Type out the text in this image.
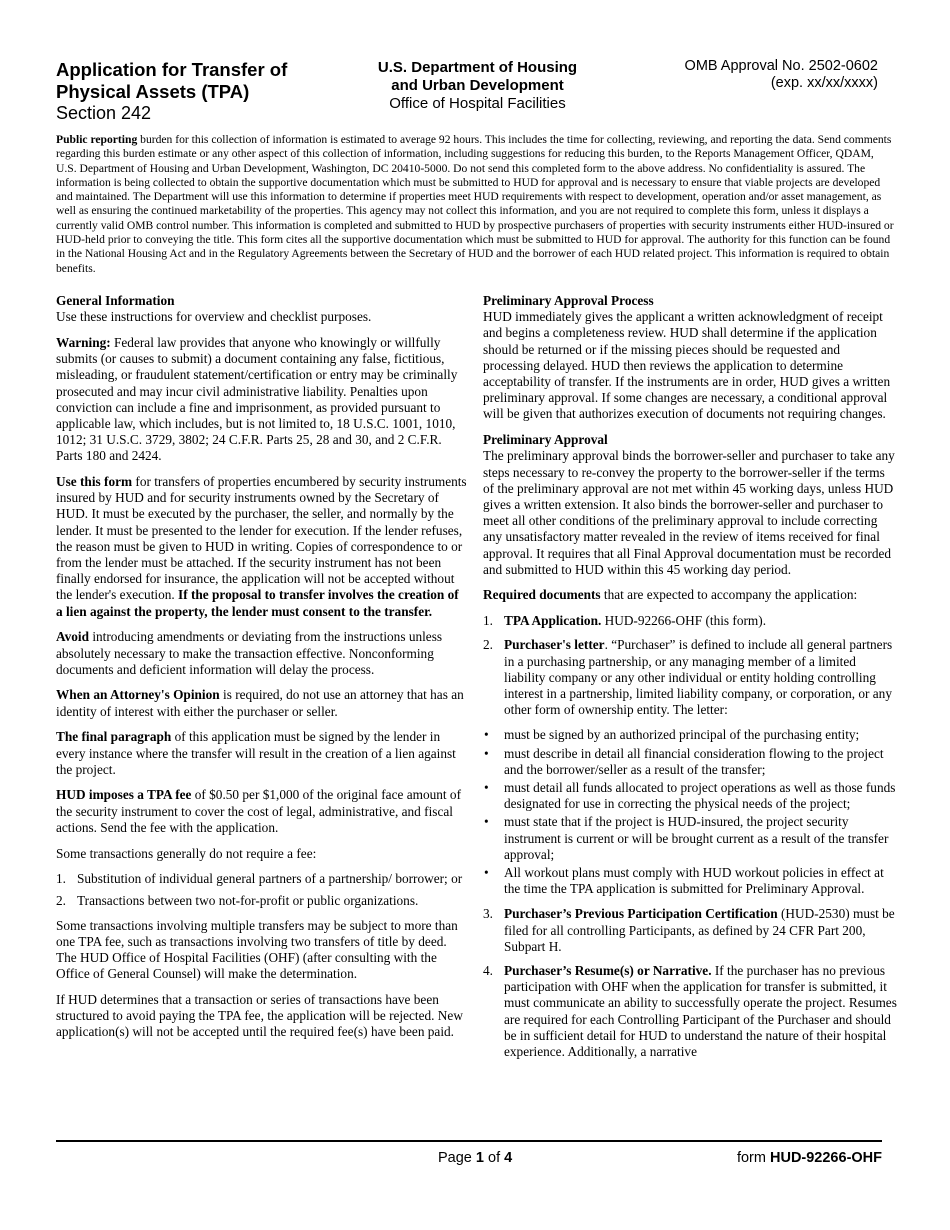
Application for Transfer of Physical Assets (TPA)
Section 242
U.S. Department of Housing
and Urban Development
Office of Hospital Facilities
OMB Approval No. 2502-0602
(exp. xx/xx/xxxx)
Public reporting burden for this collection of information is estimated to average 92 hours. This includes the time for collecting, reviewing, and reporting the data. Send comments regarding this burden estimate or any other aspect of this collection of information, including suggestions for reducing this burden, to the Reports Management Officer, QDAM, U.S. Department of Housing and Urban Development, Washington, DC 20410-5000. Do not send this completed form to the above address. No confidentiality is assured. The information is being collected to obtain the supportive documentation which must be submitted to HUD for approval and is necessary to ensure that viable projects are developed and maintained. The Department will use this information to determine if properties meet HUD requirements with respect to development, operation and/or asset management, as well as ensuring the continued marketability of the properties. This agency may not collect this information, and you are not required to complete this form, unless it displays a currently valid OMB control number. This information is completed and submitted to HUD by prospective purchasers of properties with security instruments either HUD-insured or HUD-held prior to conveying the title. This form cites all the supportive documentation which must be submitted to HUD for approval. The authority for this function can be found in the National Housing Act and in the Regulatory Agreements between the Secretary of HUD and the borrower of each HUD related project. This information is required to obtain benefits.

General Information
Use these instructions for overview and checklist purposes.

Warning: Federal law provides that anyone who knowingly or willfully submits (or causes to submit) a document containing any false, fictitious, misleading, or fraudulent statement/certification or entry may be criminally prosecuted and may incur civil administrative liability. Penalties upon conviction can include a fine and imprisonment, as provided pursuant to applicable law, which includes, but is not limited to, 18 U.S.C. 1001, 1010, 1012; 31 U.S.C. 3729, 3802; 24 C.F.R. Parts 25, 28 and 30, and 2 C.F.R. Parts 180 and 2424.

Use this form for transfers of properties encumbered by security instruments insured by HUD and for security instruments owned by the Secretary of HUD. It must be executed by the purchaser, the seller, and normally by the lender. It must be presented to the lender for execution. If the lender refuses, the reason must be given to HUD in writing. Copies of correspondence to or from the lender must be attached. If the security instrument has not been finally endorsed for insurance, the application will not be accepted without the lender's execution. If the proposal to transfer involves the creation of a lien against the property, the lender must consent to the transfer.

Avoid introducing amendments or deviating from the instructions unless absolutely necessary to make the transaction effective. Nonconforming documents and deficient information will delay the process.

When an Attorney's Opinion is required, do not use an attorney that has an identity of interest with either the purchaser or seller.

The final paragraph of this application must be signed by the lender in every instance where the transfer will result in the creation of a lien against the project.

HUD imposes a TPA fee of $0.50 per $1,000 of the original face amount of the security instrument to cover the cost of legal, administrative, and fiscal actions. Send the fee with the application.

Some transactions generally do not require a fee:

1. Substitution of individual general partners of a partnership/ borrower; or
2. Transactions between two not-for-profit or public organizations.

Some transactions involving multiple transfers may be subject to more than one TPA fee, such as transactions involving two transfers of title by deed. The HUD Office of Hospital Facilities (OHF) (after consulting with the Office of General Counsel) will make the determination.

If HUD determines that a transaction or series of transactions have been structured to avoid paying the TPA fee, the application will be rejected. New application(s) will not be accepted until the required fee(s) have been paid.

Preliminary Approval Process
HUD immediately gives the applicant a written acknowledgment of receipt and begins a completeness review. HUD shall determine if the application should be returned or if the missing pieces should be requested and processing delayed. HUD then reviews the application to determine acceptability of transfer. If the instruments are in order, HUD gives a written preliminary approval. If some changes are necessary, a conditional approval will be given that authorizes execution of documents not requiring changes.

Preliminary Approval
The preliminary approval binds the borrower-seller and purchaser to take any steps necessary to re-convey the property to the borrower-seller if the terms of the preliminary approval are not met within 45 working days, unless HUD gives a written extension. It also binds the borrower-seller and purchaser to meet all other conditions of the preliminary approval to include correcting any unsatisfactory matter revealed in the review of items received for final approval. It requires that all Final Approval documentation must be recorded and submitted to HUD within this 45 working day period.

Required documents that are expected to accompany the application:

1. TPA Application. HUD-92266-OHF (this form).
2. Purchaser's letter. “Purchaser” is defined to include all general partners in a purchasing partnership, or any managing member of a limited liability company or any other individual or entity holding controlling interest in a partnership, limited liability company, or corporation, or any other form of ownership entity. The letter:
• must be signed by an authorized principal of the purchasing entity;
• must describe in detail all financial consideration flowing to the project and the borrower/seller as a result of the transfer;
• must detail all funds allocated to project operations as well as those funds designated for use in correcting the physical needs of the project;
• must state that if the project is HUD-insured, the project security instrument is current or will be brought current as a result of the transfer approval;
• All workout plans must comply with HUD workout policies in effect at the time the TPA application is submitted for Preliminary Approval.
3. Purchaser’s Previous Participation Certification (HUD-2530) must be filed for all controlling Participants, as defined by 24 CFR Part 200, Subpart H.
4. Purchaser’s Resume(s) or Narrative. If the purchaser has no previous participation with OHF when the application for transfer is submitted, it must communicate an ability to successfully operate the project. Resumes are required for each Controlling Participant of the Purchaser and should be in sufficient detail for HUD to understand the nature of their hospital experience. Additionally, a narrative
Page 1 of 4	form HUD-92266-OHF
